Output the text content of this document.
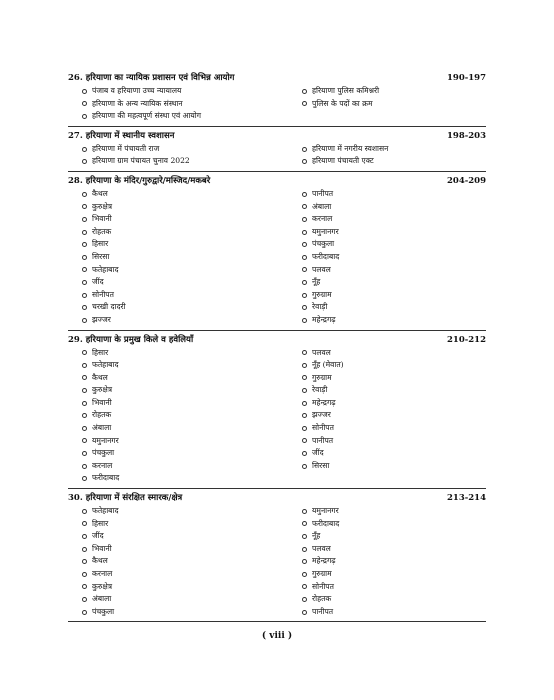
26. हरियाणा का न्यायिक प्रशासन एवं विभिन्न आयोग	190-197
पंजाब व हरियाणा उच्च न्यायालय	हरियाणा पुलिस कमिश्नरी
हरियाणा के अन्य न्यायिक संस्थान	पुलिस के पदों का क्रम
हरियाणा की महत्वपूर्ण संस्था एवं आयोग
27. हरियाणा में स्थानीय स्वशासन	198-203
हरियाणा में पंचायती राज	हरियाणा में नगरीय स्वशासन
हरियाणा ग्राम पंचायत चुनाव 2022	हरियाणा पंचायती एक्ट
28. हरियाणा के मंदिर/गुरुद्वारे/मस्जिद/मकबरे	204-209
कैथल	पानीपत
कुरुक्षेत्र	अंबाला
भिवानी	करनाल
रोहतक	यमुनानगर
हिसार	पंचकुला
सिरसा	फरीदाबाद
फतेहाबाद	पलवल
जींद	नूँह
सोनीपत	गुरुग्राम
चरखी दादरी	रेवाड़ी
झज्जर	महेन्द्रगढ़
29. हरियाणा के प्रमुख किले व हवेलियाँ	210-212
हिसार	पलवल
फतेहाबाद	नूँह (मेवात)
कैथल	गुरुग्राम
कुरुक्षेत्र	रेवाड़ी
भिवानी	महेन्द्रगढ़
रोहतक	झज्जर
अंबाला	सोनीपत
यमुनानगर	पानीपत
पंचकुला	जींद
करनाल	सिरसा
फरीदाबाद
30. हरियाणा में संरक्षित स्मारक/क्षेत्र	213-214
फतेहाबाद	यमुनानगर
हिसार	फरीदाबाद
जींद	नूँह
भिवानी	पलवल
कैथल	महेन्द्रगढ़
करनाल	गुरुग्राम
कुरुक्षेत्र	सोनीपत
अंबाला	रोहतक
पंचकुला	पानीपत
( viii )
